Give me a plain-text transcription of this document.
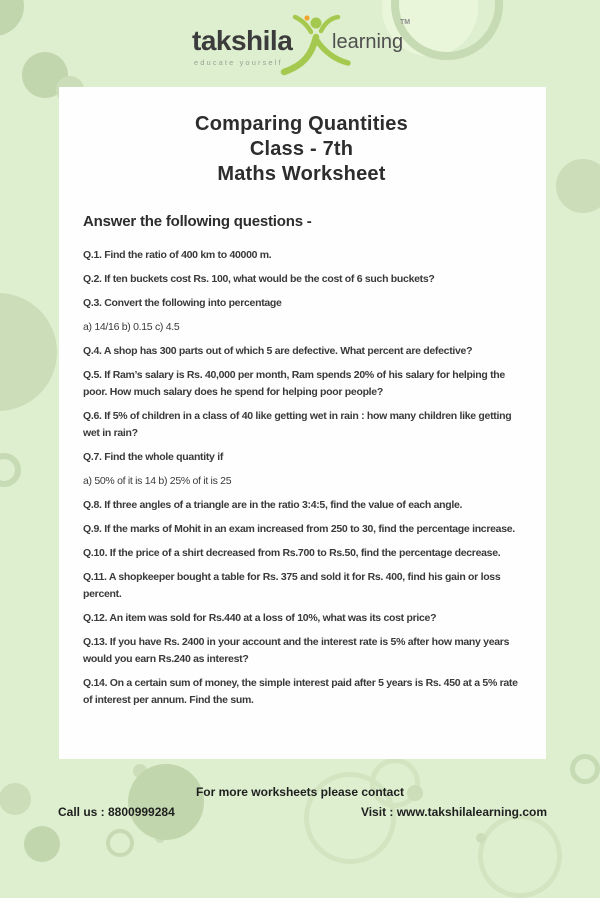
takshila
educate yourself
learning
TM
Comparing Quantities
Class - 7th
Maths Worksheet
Answer the following questions -
Q.1. Find the ratio of 400 km to 40000 m.
Q.2. If ten buckets cost Rs. 100, what would be the cost of 6 such buckets?
Q.3. Convert the following into percentage
a) 14/16 b) 0.15 c) 4.5
Q.4. A shop has 300 parts out of which 5 are defective. What percent are defective?
Q.5. If Ram’s salary is Rs. 40,000 per month, Ram spends 20% of his salary for helping the poor. How much salary does he spend for helping poor people?
Q.6. If 5% of children in a class of 40 like getting wet in rain : how many children like getting wet in rain?
Q.7. Find the whole quantity if
a) 50% of it is 14 b) 25% of it is 25
Q.8. If three angles of a triangle are in the ratio 3:4:5, find the value of each angle.
Q.9. If the marks of Mohit in an exam increased from 250 to 30, find the percentage increase.
Q.10. If the price of a shirt decreased from Rs.700 to Rs.50, find the percentage decrease.
Q.11. A shopkeeper bought a table for Rs. 375 and sold it for Rs. 400, find his gain or loss percent.
Q.12. An item was sold for Rs.440 at a loss of 10%, what was its cost price?
Q.13. If you have Rs. 2400 in your account and the interest rate is 5% after how many years would you earn Rs.240 as interest?
Q.14. On a certain sum of money, the simple interest paid after 5 years is Rs. 450 at a 5% rate of interest per annum. Find the sum.
For more worksheets please contact
Call us : 8800999284	Visit : www.takshilalearning.com
